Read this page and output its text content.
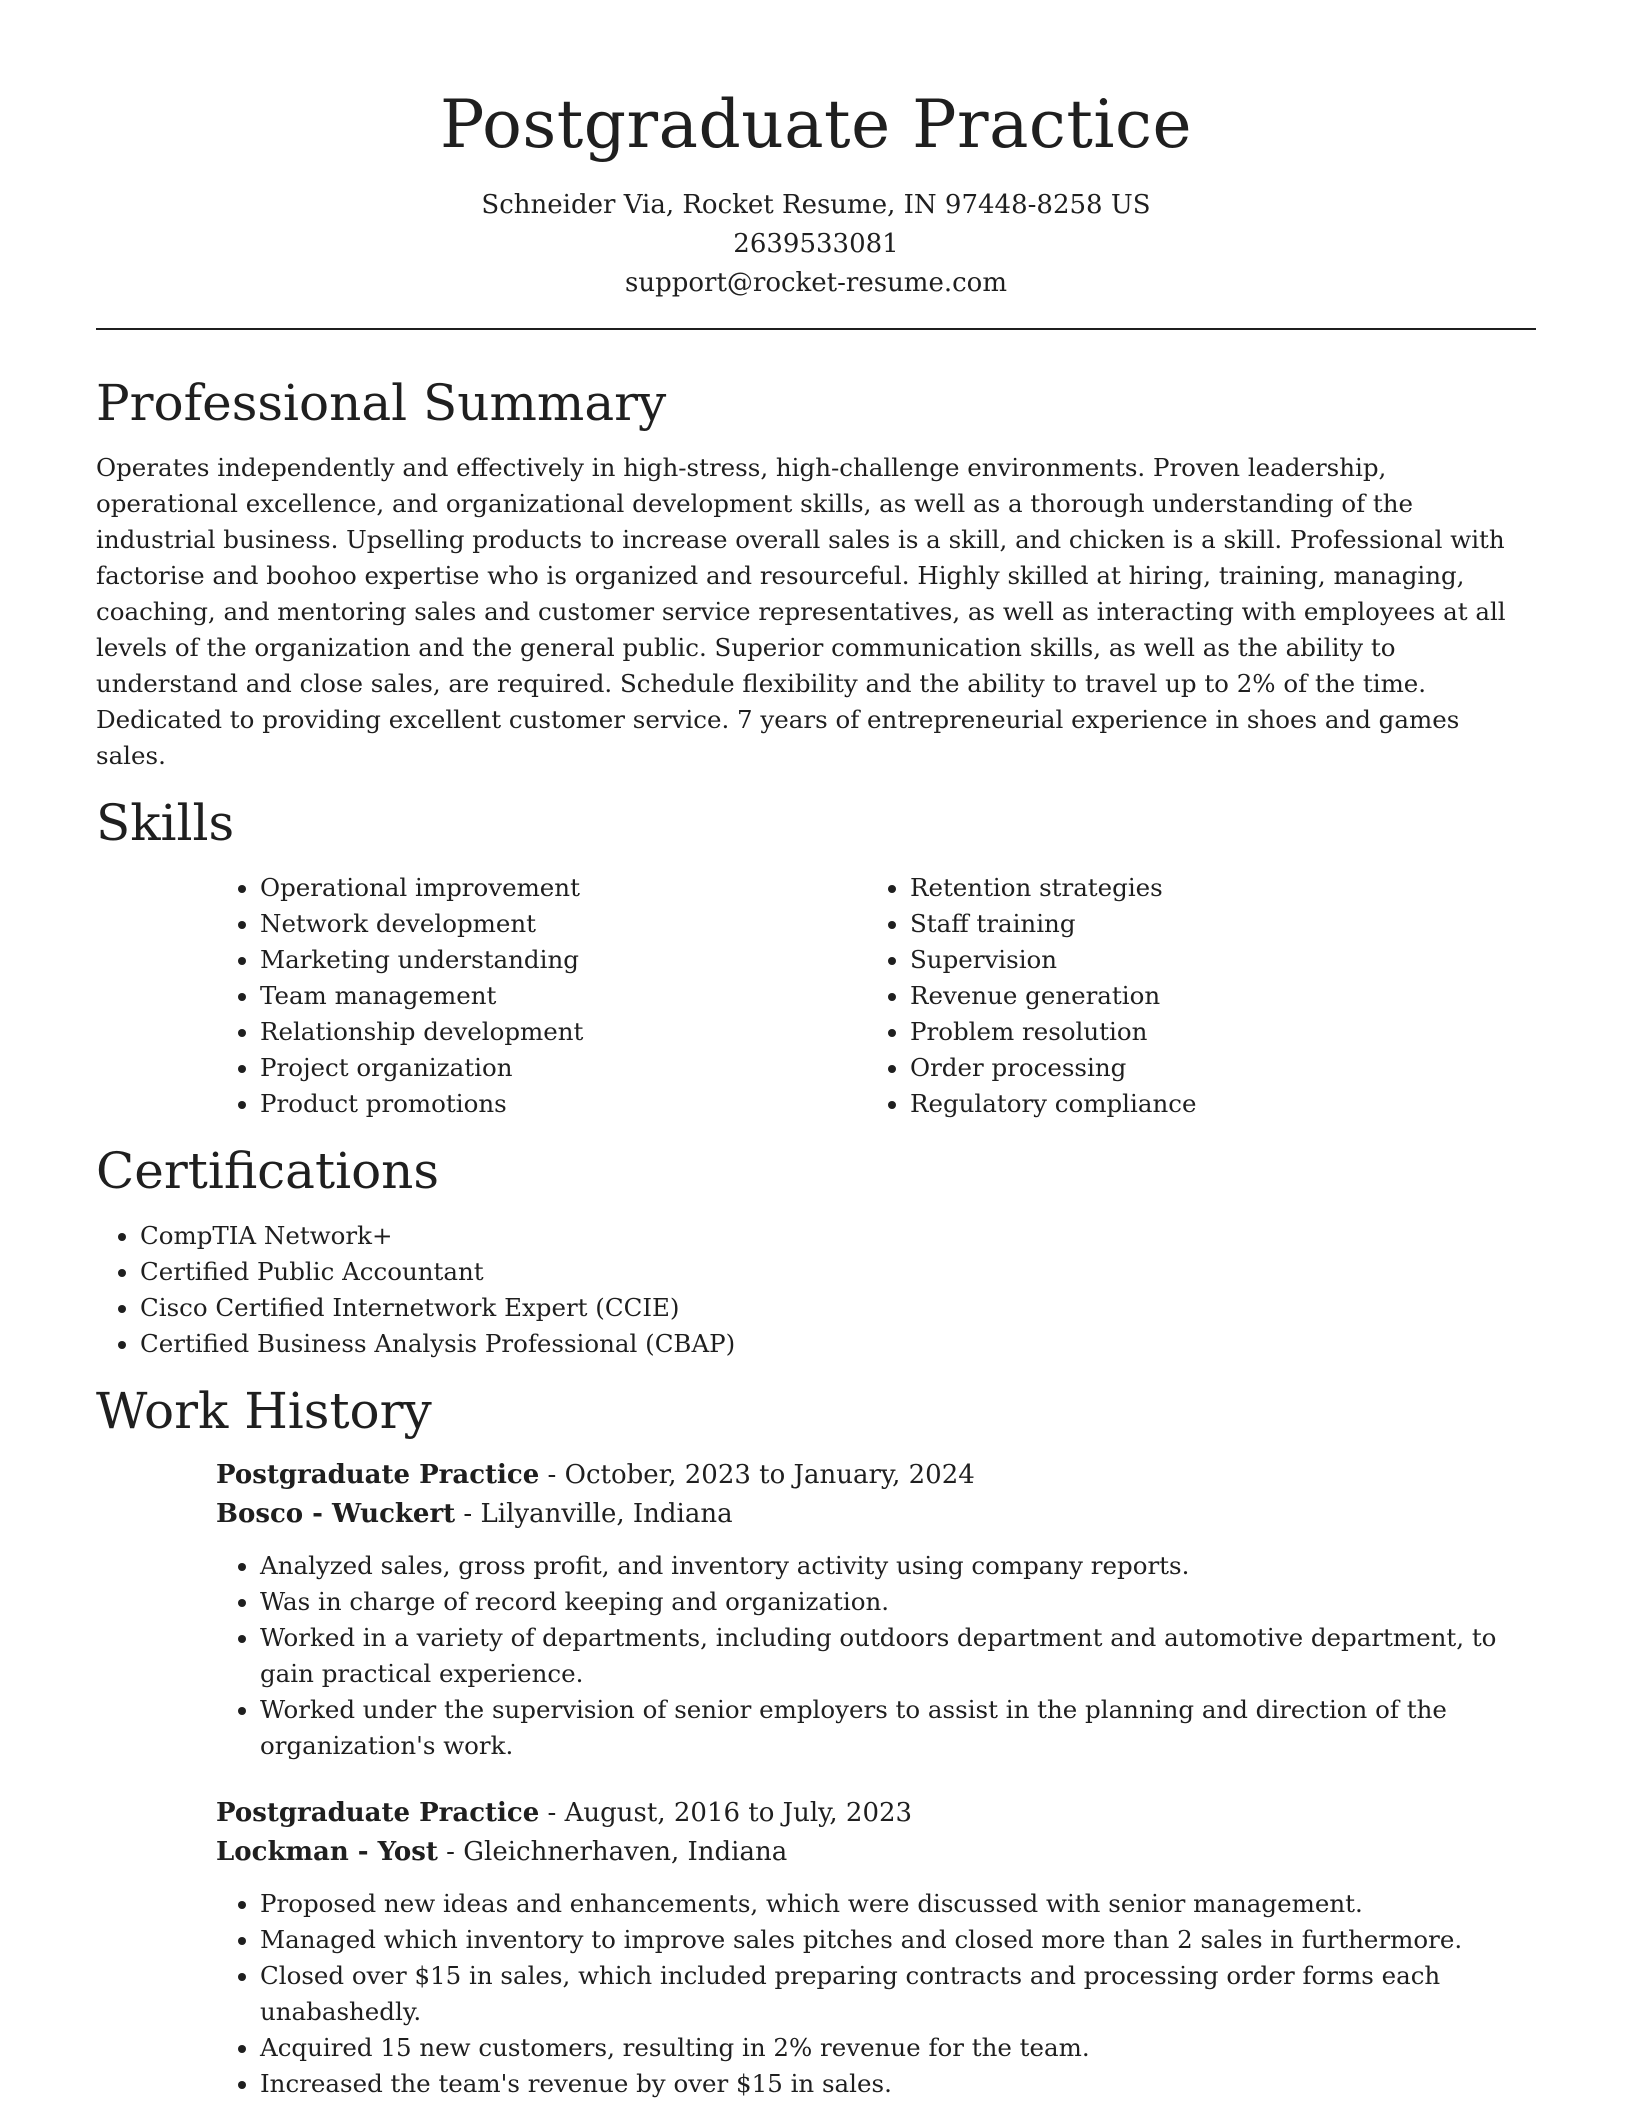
Postgraduate Practice
Schneider Via, Rocket Resume, IN 97448-8258 US
2639533081
support@rocket-resume.com
Professional Summary

Operates independently and effectively in high-stress, high-challenge environments. Proven leadership, operational excellence, and organizational development skills, as well as a thorough understanding of the industrial business. Upselling products to increase overall sales is a skill, and chicken is a skill. Professional with factorise and boohoo expertise who is organized and resourceful. Highly skilled at hiring, training, managing, coaching, and mentoring sales and customer service representatives, as well as interacting with employees at all levels of the organization and the general public. Superior communication skills, as well as the ability to understand and close sales, are required. Schedule flexibility and the ability to travel up to 2% of the time. Dedicated to providing excellent customer service. 7 years of entrepreneurial experience in shoes and games sales.

Skills
• Operational improvement
• Network development
• Marketing understanding
• Team management
• Relationship development
• Project organization
• Product promotions
• Retention strategies
• Staff training
• Supervision
• Revenue generation
• Problem resolution
• Order processing
• Regulatory compliance
Certifications
• CompTIA Network+
• Certified Public Accountant
• Cisco Certified Internetwork Expert (CCIE)
• Certified Business Analysis Professional (CBAP)
Work History
Postgraduate Practice - October, 2023 to January, 2024
Bosco - Wuckert - Lilyanville, Indiana
• Analyzed sales, gross profit, and inventory activity using company reports.
• Was in charge of record keeping and organization.
• Worked in a variety of departments, including outdoors department and automotive department, to gain practical experience.
• Worked under the supervision of senior employers to assist in the planning and direction of the organization's work.
Postgraduate Practice - August, 2016 to July, 2023
Lockman - Yost - Gleichnerhaven, Indiana
• Proposed new ideas and enhancements, which were discussed with senior management.
• Managed which inventory to improve sales pitches and closed more than 2 sales in furthermore.
• Closed over $15 in sales, which included preparing contracts and processing order forms each unabashedly.
• Acquired 15 new customers, resulting in 2% revenue for the team.
• Increased the team's revenue by over $15 in sales.
